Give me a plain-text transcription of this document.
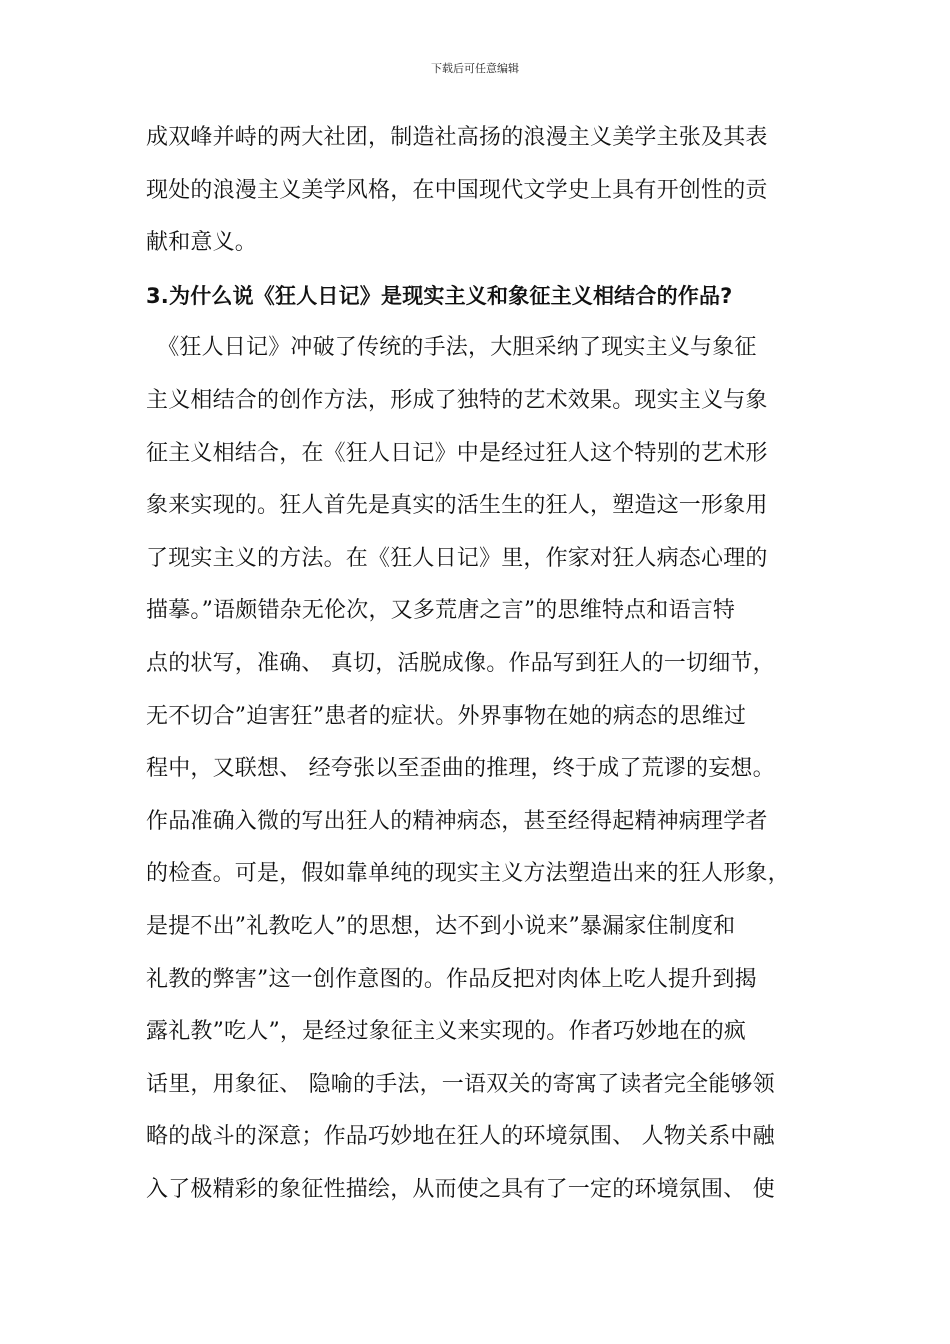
下载后可任意编辑
成双峰并峙的两大社团，制造社高扬的浪漫主义美学主张及其表
现处的浪漫主义美学风格，在中国现代文学史上具有开创性的贡
献和意义。
3.为什么说《狂人日记》是现实主义和象征主义相结合的作品?
　《狂人日记》冲破了传统的手法，大胆采纳了现实主义与象征
主义相结合的创作方法，形成了独特的艺术效果。现实主义与象
征主义相结合，在《狂人日记》中是经过狂人这个特别的艺术形
象来实现的。狂人首先是真实的活生生的狂人，塑造这一形象用
了现实主义的方法。在《狂人日记》里，作家对狂人病态心理的
描摹。”语颇错杂无伦次，又多荒唐之言”的思维特点和语言特
点的状写，准确、 真切，活脱成像。作品写到狂人的一切细节，
无不切合”迫害狂”患者的症状。外界事物在她的病态的思维过
程中，又联想、 经夸张以至歪曲的推理，终于成了荒谬的妄想。
作品准确入微的写出狂人的精神病态，甚至经得起精神病理学者
的检查。可是，假如靠单纯的现实主义方法塑造出来的狂人形象，
是提不出”礼教吃人”的思想，达不到小说来”暴漏家住制度和
礼教的弊害”这一创作意图的。作品反把对肉体上吃人提升到揭
露礼教”吃人”，是经过象征主义来实现的。作者巧妙地在的疯
话里，用象征、 隐喻的手法，一语双关的寄寓了读者完全能够领
略的战斗的深意；作品巧妙地在狂人的环境氛围、 人物关系中融
入了极精彩的象征性描绘，从而使之具有了一定的环境氛围、 使
